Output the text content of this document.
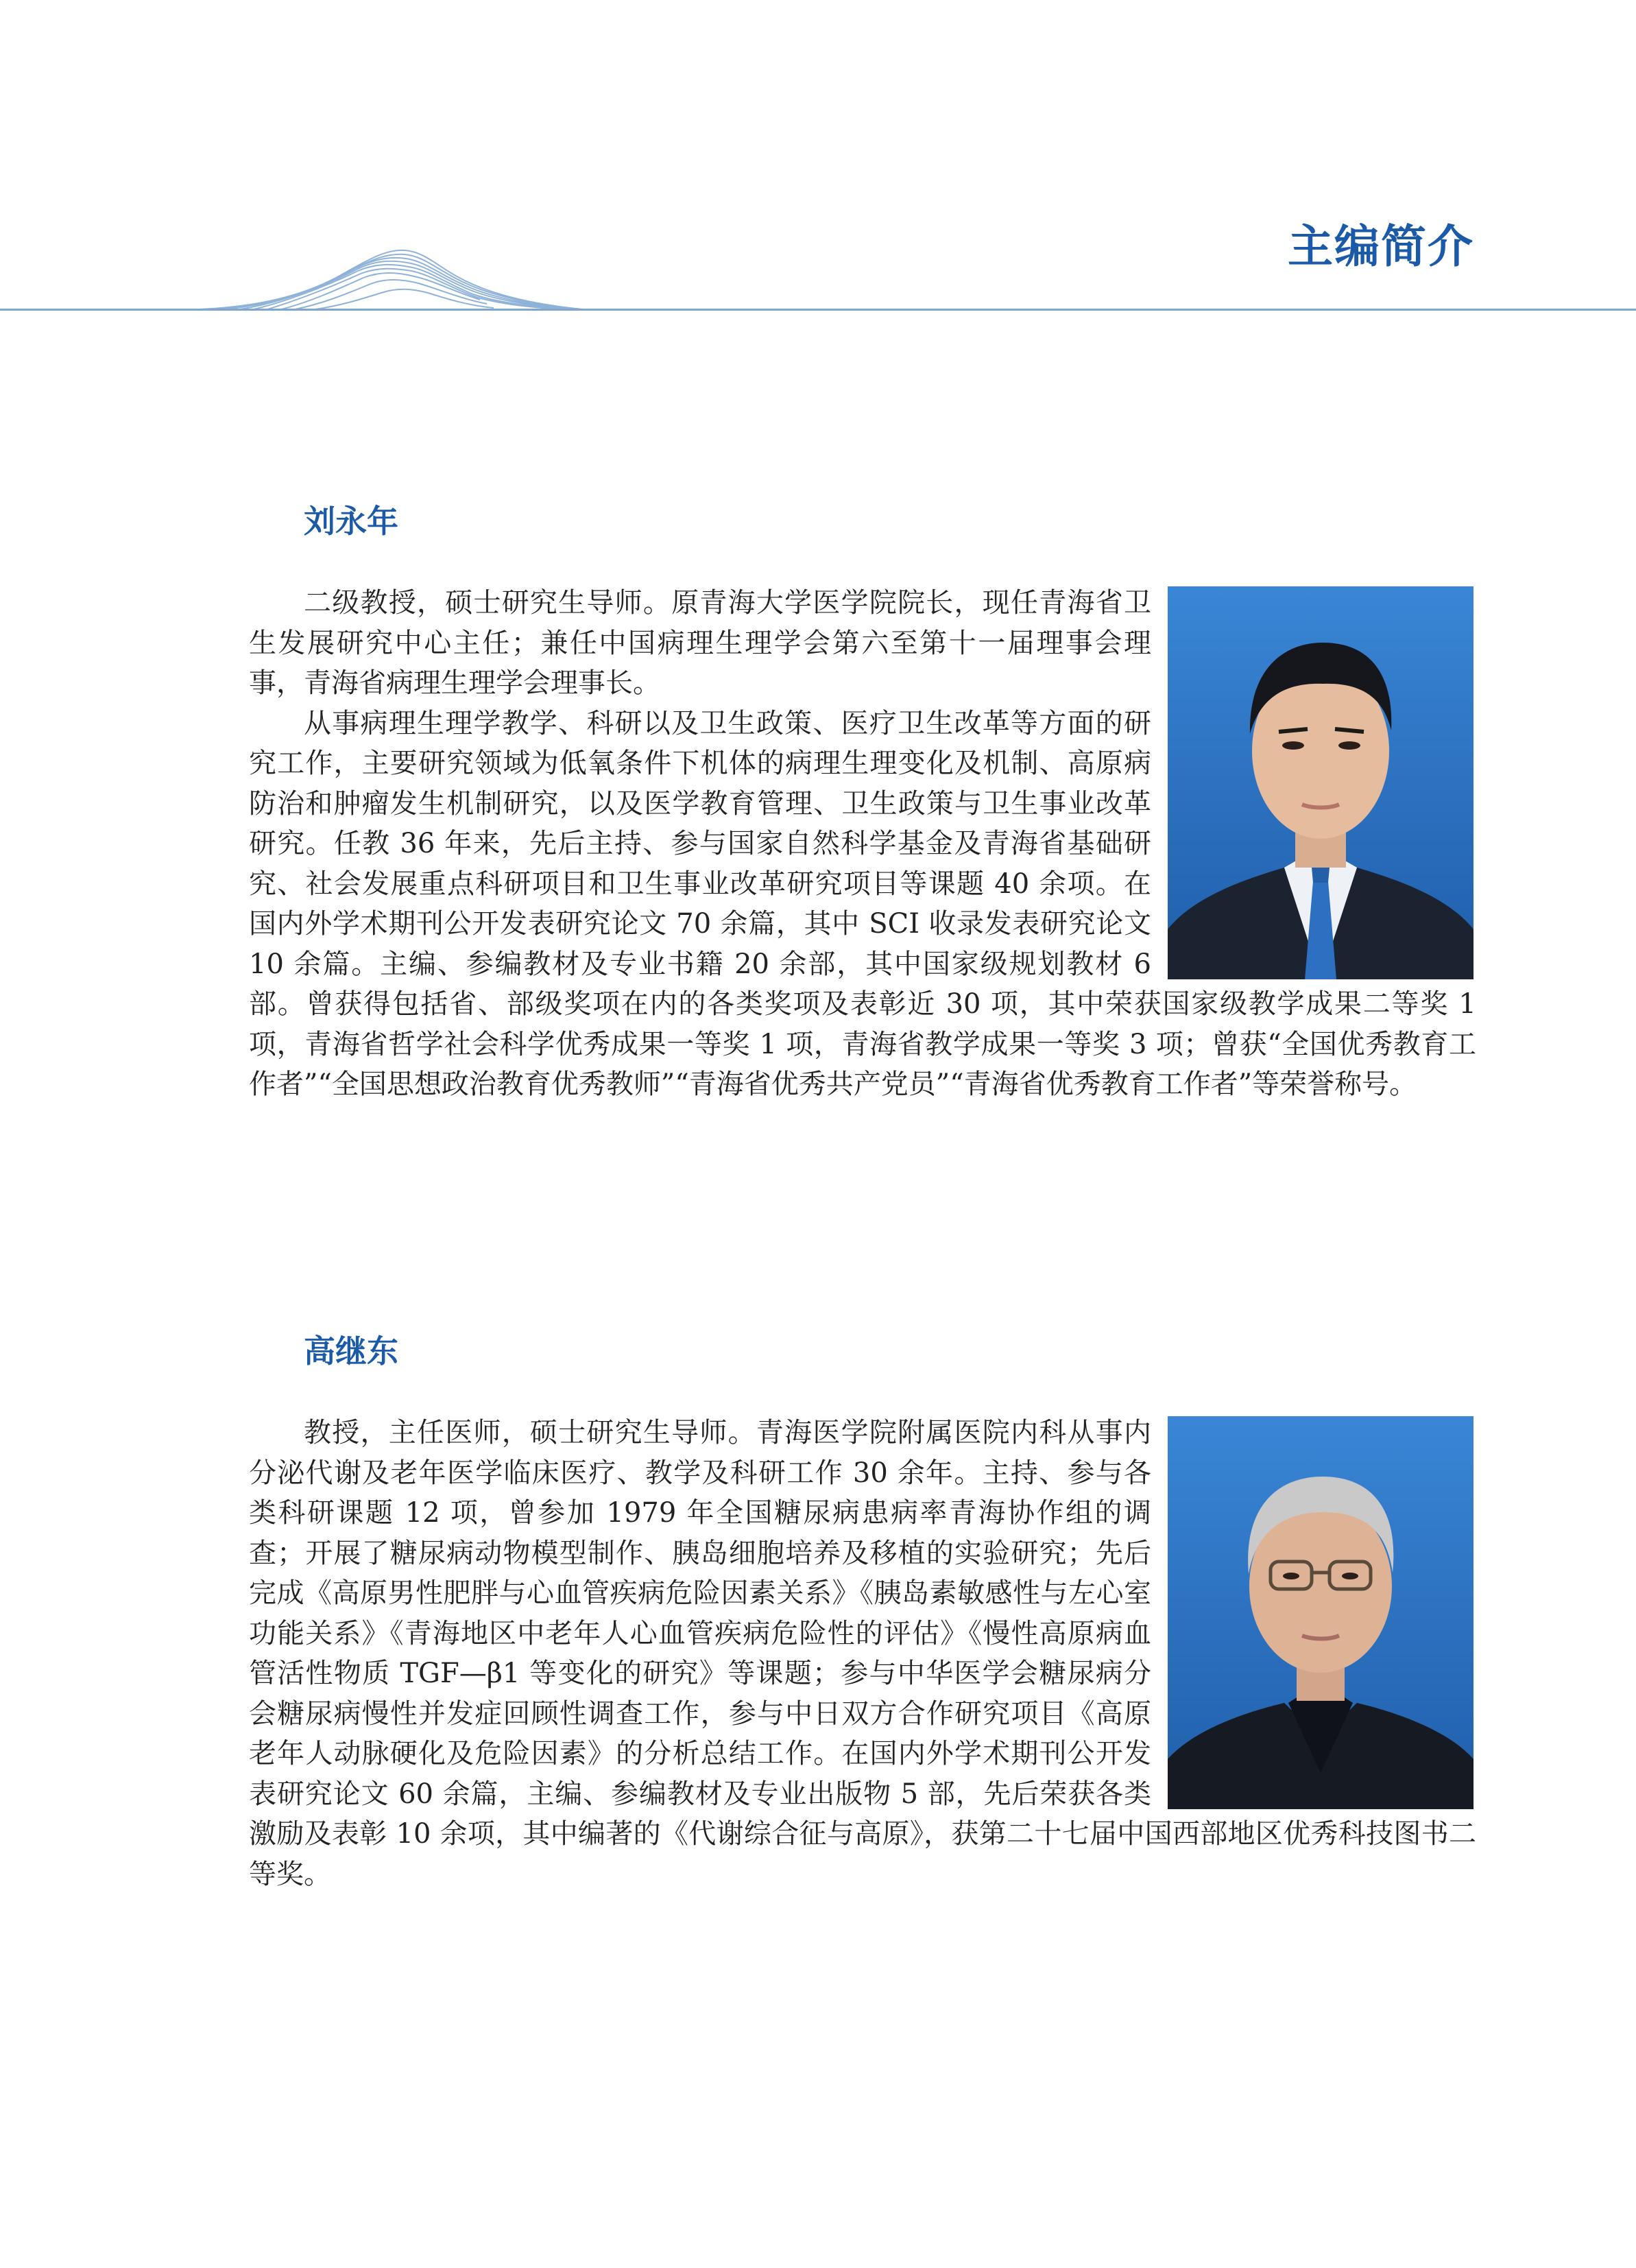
主编简介
刘永年

二级教授，硕士研究生导师。原青海大学医学院院长，现任青海省卫生发展研究中心主任；兼任中国病理生理学会第六至第十一届理事会理事，青海省病理生理学会理事长。

从事病理生理学教学、科研以及卫生政策、医疗卫生改革等方面的研究工作，主要研究领域为低氧条件下机体的病理生理变化及机制、高原病防治和肿瘤发生机制研究，以及医学教育管理、卫生政策与卫生事业改革研究。任教 36 年来，先后主持、参与国家自然科学基金及青海省基础研究、社会发展重点科研项目和卫生事业改革研究项目等课题 40 余项。在国内外学术期刊公开发表研究论文 70 余篇，其中 SCI 收录发表研究论文 10 余篇。主编、参编教材及专业书籍 20 余部，其中国家级规划教材 6 部。曾获得包括省、部级奖项在内的各类奖项及表彰近 30 项，其中荣获国家级教学成果二等奖 1 项，青海省哲学社会科学优秀成果一等奖 1 项，青海省教学成果一等奖 3 项；曾获“全国优秀教育工作者”“全国思想政治教育优秀教师”“青海省优秀共产党员”“青海省优秀教育工作者”等荣誉称号。

高继东

教授，主任医师，硕士研究生导师。青海医学院附属医院内科从事内分泌代谢及老年医学临床医疗、教学及科研工作 30 余年。主持、参与各类科研课题 12 项，曾参加 1979 年全国糖尿病患病率青海协作组的调查；开展了糖尿病动物模型制作、胰岛细胞培养及移植的实验研究；先后完成《高原男性肥胖与心血管疾病危险因素关系》《胰岛素敏感性与左心室功能关系》《青海地区中老年人心血管疾病危险性的评估》《慢性高原病血管活性物质 TGF—β1 等变化的研究》等课题；参与中华医学会糖尿病分会糖尿病慢性并发症回顾性调查工作，参与中日双方合作研究项目《高原老年人动脉硬化及危险因素》的分析总结工作。在国内外学术期刊公开发表研究论文 60 余篇，主编、参编教材及专业出版物 5 部，先后荣获各类激励及表彰 10 余项，其中编著的《代谢综合征与高原》，获第二十七届中国西部地区优秀科技图书二等奖。
